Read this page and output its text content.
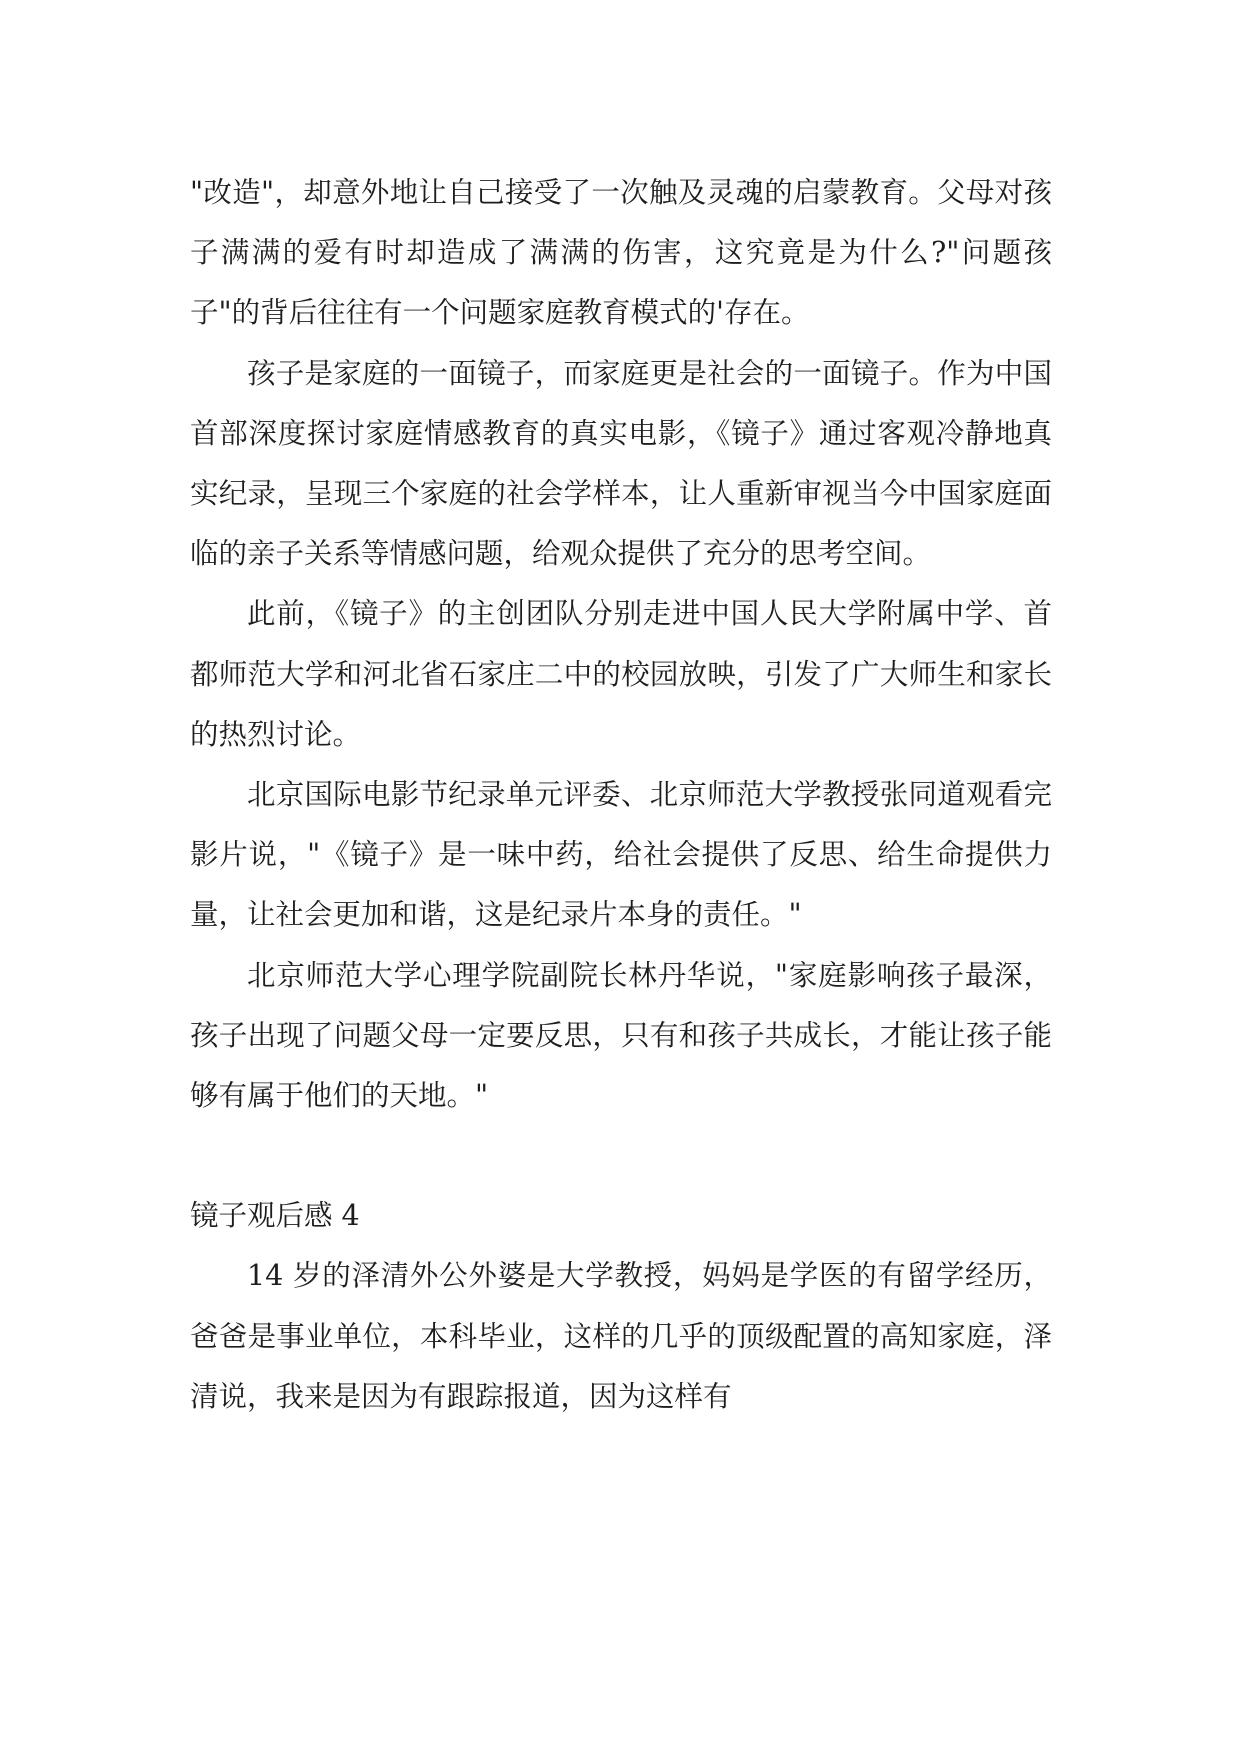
"改造"，却意外地让自己接受了一次触及灵魂的启蒙教育。父母对孩子满满的爱有时却造成了满满的伤害，这究竟是为什么?"问题孩子"的背后往往有一个问题家庭教育模式的'存在。

孩子是家庭的一面镜子，而家庭更是社会的一面镜子。作为中国首部深度探讨家庭情感教育的真实电影，《镜子》通过客观冷静地真实纪录，呈现三个家庭的社会学样本，让人重新审视当今中国家庭面临的亲子关系等情感问题，给观众提供了充分的思考空间。

此前，《镜子》的主创团队分别走进中国人民大学附属中学、首都师范大学和河北省石家庄二中的校园放映，引发了广大师生和家长的热烈讨论。

北京国际电影节纪录单元评委、北京师范大学教授张同道观看完影片说，"《镜子》是一味中药，给社会提供了反思、给生命提供力量，让社会更加和谐，这是纪录片本身的责任。"

北京师范大学心理学院副院长林丹华说，"家庭影响孩子最深，孩子出现了问题父母一定要反思，只有和孩子共成长，才能让孩子能够有属于他们的天地。"

镜子观后感 4

14 岁的泽清外公外婆是大学教授，妈妈是学医的有留学经历，爸爸是事业单位，本科毕业，这样的几乎的顶级配置的高知家庭，泽清说，我来是因为有跟踪报道，因为这样有
